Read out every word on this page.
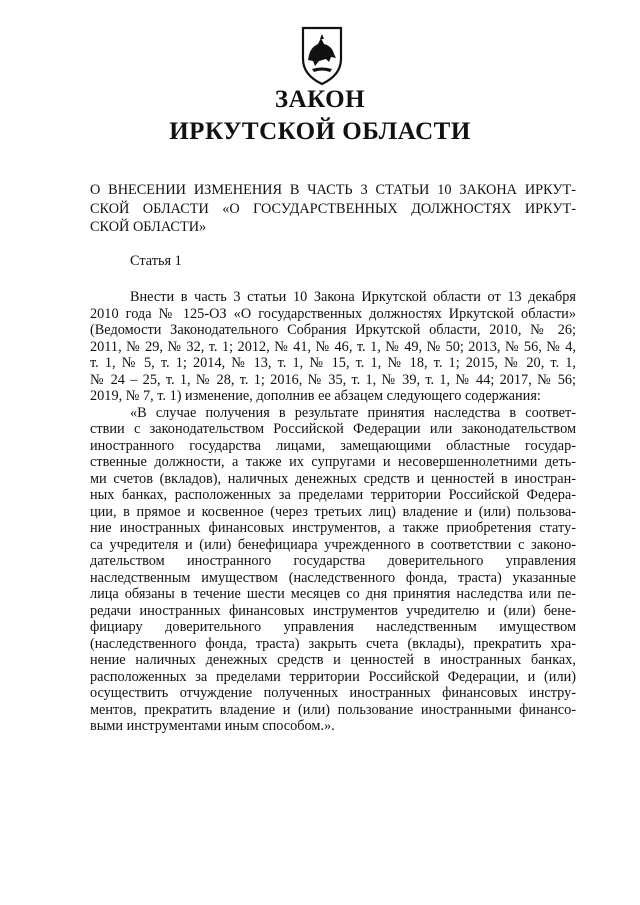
ЗАКОН
ИРКУТСКОЙ ОБЛАСТИ
О ВНЕСЕНИИ ИЗМЕНЕНИЯ В ЧАСТЬ 3 СТАТЬИ 10 ЗАКОНА ИРКУТ-
СКОЙ ОБЛАСТИ «О ГОСУДАРСТВЕННЫХ ДОЛЖНОСТЯХ ИРКУТ-
СКОЙ ОБЛАСТИ»

Статья 1

Внести в часть 3 статьи 10 Закона Иркутской области от 13 декабря
2010 года № 125-ОЗ «О государственных должностях Иркутской области»
(Ведомости Законодательного Собрания Иркутской области, 2010, № 26;
2011, № 29, № 32, т. 1; 2012, № 41, № 46, т. 1, № 49, № 50; 2013, № 56, № 4,
т. 1, № 5, т. 1; 2014, № 13, т. 1, № 15, т. 1, № 18, т. 1; 2015, № 20, т. 1,
№ 24 – 25, т. 1, № 28, т. 1; 2016, № 35, т. 1, № 39, т. 1, № 44; 2017, № 56;
2019, № 7, т. 1) изменение, дополнив ее абзацем следующего содержания:

«В случае получения в результате принятия наследства в соответ-
ствии с законодательством Российской Федерации или законодательством
иностранного государства лицами, замещающими областные государ-
ственные должности, а также их супругами и несовершеннолетними деть-
ми счетов (вкладов), наличных денежных средств и ценностей в иностран-
ных банках, расположенных за пределами территории Российской Федера-
ции, в прямое и косвенное (через третьих лиц) владение и (или) пользова-
ние иностранных финансовых инструментов, а также приобретения стату-
са учредителя и (или) бенефициара учрежденного в соответствии с законо-
дательством иностранного государства доверительного управления
наследственным имуществом (наследственного фонда, траста) указанные
лица обязаны в течение шести месяцев со дня принятия наследства или пе-
редачи иностранных финансовых инструментов учредителю и (или) бене-
фициару доверительного управления наследственным имуществом
(наследственного фонда, траста) закрыть счета (вклады), прекратить хра-
нение наличных денежных средств и ценностей в иностранных банках,
расположенных за пределами территории Российской Федерации, и (или)
осуществить отчуждение полученных иностранных финансовых инстру-
ментов, прекратить владение и (или) пользование иностранными финансо-
выми инструментами иным способом.».
